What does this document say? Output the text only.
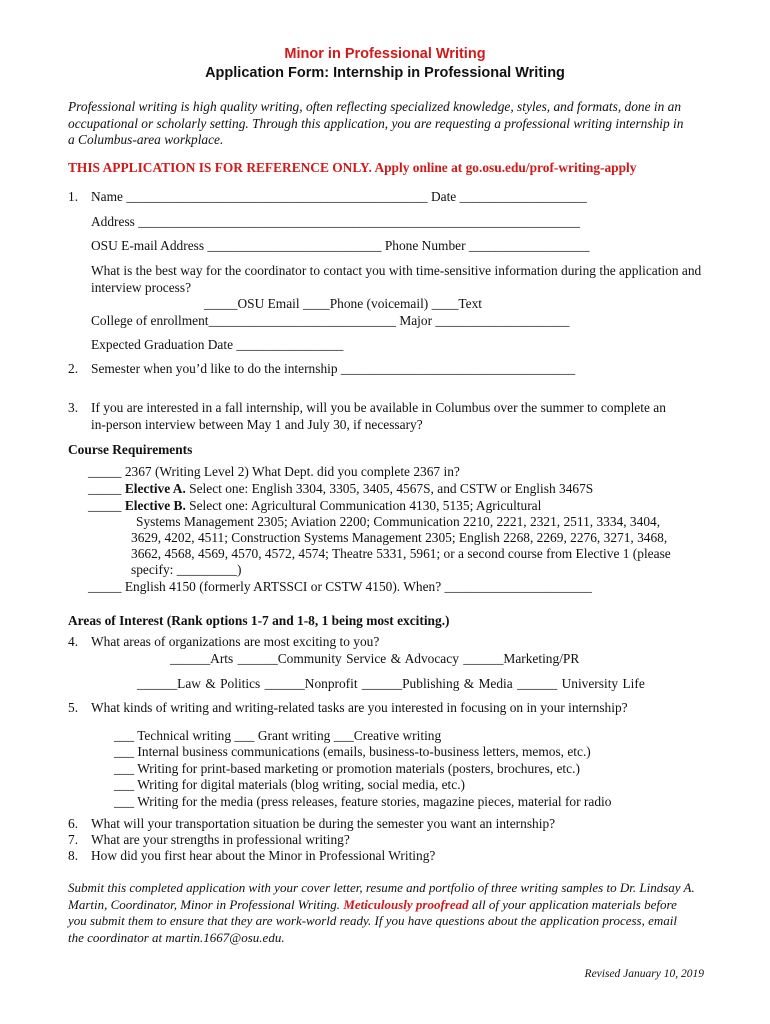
Minor in Professional Writing
Application Form: Internship in Professional Writing
Professional writing is high quality writing, often reflecting specialized knowledge, styles, and formats, done in an occupational or scholarly setting. Through this application, you are requesting a professional writing internship in a Columbus-area workplace.
THIS APPLICATION IS FOR REFERENCE ONLY. Apply online at go.osu.edu/prof-writing-apply
1. Name _____________________________________________ Date ___________________
Address __________________________________________________________________
OSU E-mail Address __________________________ Phone Number __________________
What is the best way for the coordinator to contact you with time-sensitive information during the application and interview process?
_____OSU Email ____Phone (voicemail) ____Text
College of enrollment____________________________ Major ____________________
Expected Graduation Date ________________
2. Semester when you’d like to do the internship ___________________________________
3. If you are interested in a fall internship, will you be available in Columbus over the summer to complete an
in-person interview between May 1 and July 30, if necessary?
Course Requirements
_____ 2367 (Writing Level 2) What Dept. did you complete 2367 in?
_____ Elective A. Select one: English 3304, 3305, 3405, 4567S, and CSTW or English 3467S
_____ Elective B. Select one: Agricultural Communication 4130, 5135; Agricultural
Systems Management 2305; Aviation 2200; Communication 2210, 2221, 2321, 2511, 3334, 3404,
3629, 4202, 4511; Construction Systems Management 2305; English 2268, 2269, 2276, 3271, 3468,
3662, 4568, 4569, 4570, 4572, 4574; Theatre 5331, 5961; or a second course from Elective 1 (please
specify: _________)
_____ English 4150 (formerly ARTSSCI or CSTW 4150). When? ______________________
Areas of Interest (Rank options 1-7 and 1-8, 1 being most exciting.)
4. What areas of organizations are most exciting to you?
______Arts ______Community Service & Advocacy ______Marketing/PR
______Law & Politics ______Nonprofit ______Publishing & Media ______ University Life
5. What kinds of writing and writing-related tasks are you interested in focusing on in your internship?
___ Technical writing ___ Grant writing ___Creative writing
___ Internal business communications (emails, business-to-business letters, memos, etc.)
___ Writing for print-based marketing or promotion materials (posters, brochures, etc.)
___ Writing for digital materials (blog writing, social media, etc.)
___ Writing for the media (press releases, feature stories, magazine pieces, material for radio
6. What will your transportation situation be during the semester you want an internship?
7. What are your strengths in professional writing?
8. How did you first hear about the Minor in Professional Writing?
Submit this completed application with your cover letter, resume and portfolio of three writing samples to Dr. Lindsay A. Martin, Coordinator, Minor in Professional Writing. Meticulously proofread all of your application materials before you submit them to ensure that they are work-world ready. If you have questions about the application process, email the coordinator at martin.1667@osu.edu.
Revised January 10, 2019
